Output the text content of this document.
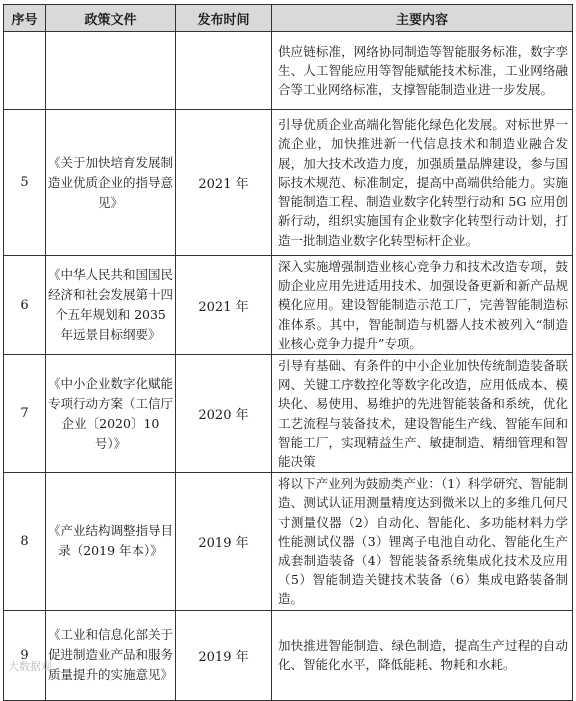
序号	政策文件	发布时间	主要内容
			供应链标准，网络协同制造等智能服务标准，数字孪生、人工智能应用等智能赋能技术标准，工业网络融合等工业网络标准，支撑智能制造业进一步发展。
5	《关于加快培育发展制造业优质企业的指导意见》	2021 年	引导优质企业高端化智能化绿色化发展。对标世界一流企业，加快推进新一代信息技术和制造业融合发展，加大技术改造力度，加强质量品牌建设，参与国际技术规范、标准制定，提高中高端供给能力。实施智能制造工程、制造业数字化转型行动和 5G 应用创新行动，组织实施国有企业数字化转型行动计划，打造一批制造业数字化转型标杆企业。
6	《中华人民共和国国民经济和社会发展第十四个五年规划和 2035 年远景目标纲要》	2021 年	深入实施增强制造业核心竞争力和技术改造专项，鼓励企业应用先进适用技术、加强设备更新和新产品规模化应用。建设智能制造示范工厂，完善智能制造标准体系。其中，智能制造与机器人技术被列入“制造业核心竞争力提升”专项。
7	《中小企业数字化赋能专项行动方案（工信厅企业〔2020〕10 号）》	2020 年	引导有基础、有条件的中小企业加快传统制造装备联网、关键工序数控化等数字化改造，应用低成本、模块化、易使用、易维护的先进智能装备和系统，优化工艺流程与装备技术，建设智能生产线、智能车间和智能工厂，实现精益生产、敏捷制造、精细管理和智能决策
8	《产业结构调整指导目录（2019 年本）》	2019 年	将以下产业列为鼓励类产业：（1）科学研究、智能制造、测试认证用测量精度达到微米以上的多维几何尺寸测量仪器（2）自动化、智能化、多功能材料力学性能测试仪器（3）锂离子电池自动化、智能化生产成套制造装备（4）智能装备系统集成化技术及应用（5）智能制造关键技术装备（6）集成电路装备制造。
9	《工业和信息化部关于促进制造业产品和服务质量提升的实施意见》	2019 年	加快推进智能制造、绿色制造，提高生产过程的自动化、智能化水平，降低能耗、物耗和水耗。
大数据观
